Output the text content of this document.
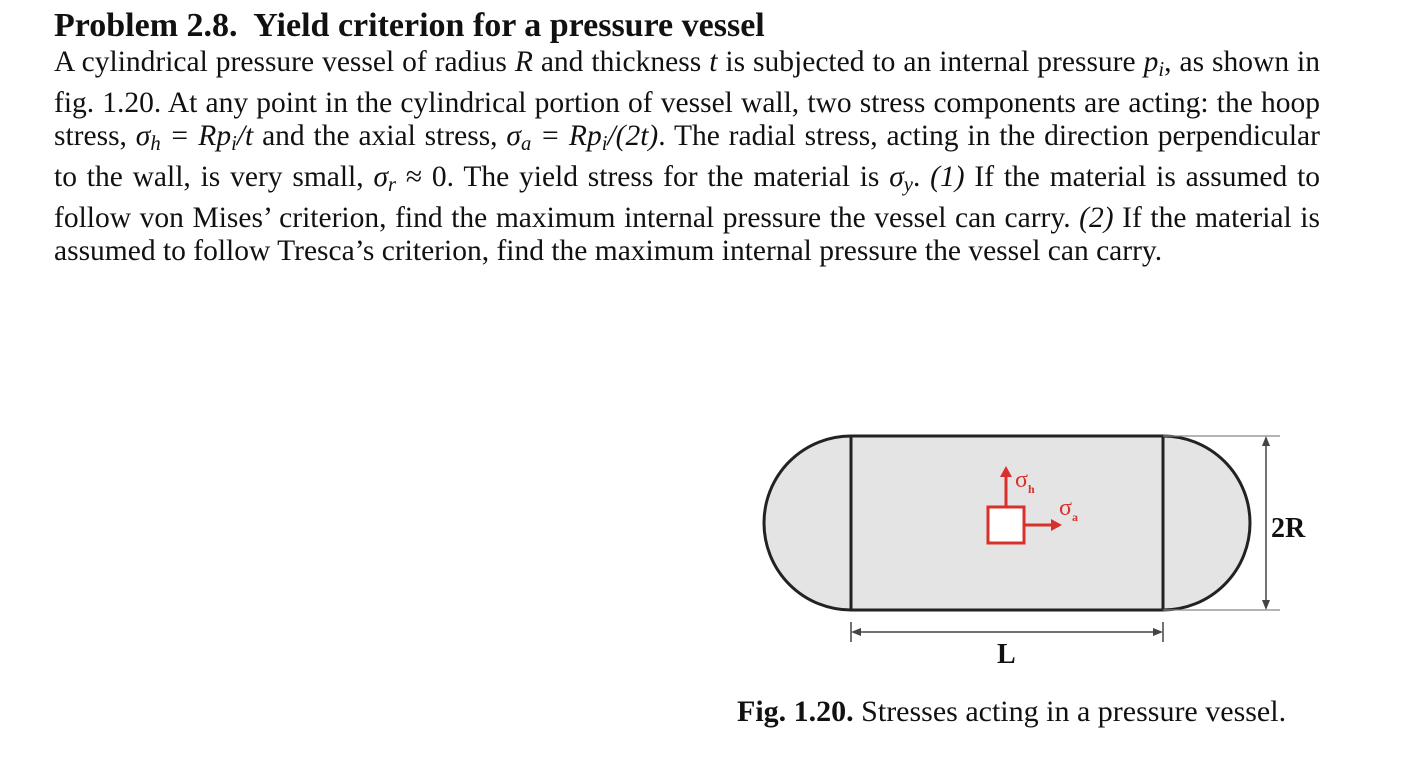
Problem 2.8. Yield criterion for a pressure vessel

A cylindrical pressure vessel of radius R and thickness t is subjected to an internal pressure $p_i$, as shown in fig. 1.20. At any point in the cylindrical portion of vessel wall, two stress components are acting: the hoop stress, $\sigma_h = Rp_i/t$ and the axial stress, $\sigma_a = Rp_i/(2t)$. The radial stress, acting in the direction perpendicular to the wall, is very small, $\sigma_r \approx 0$. The yield stress for the material is $\sigma_y$. (1) If the material is assumed to follow von Mises’ criterion, find the maximum internal pressure the vessel can carry. (2) If the material is assumed to follow Tresca’s criterion, find the maximum internal pressure the vessel can carry.

$\sigma_h$
$\sigma_a$	2R
L
Fig. 1.20. Stresses acting in a pressure vessel.
